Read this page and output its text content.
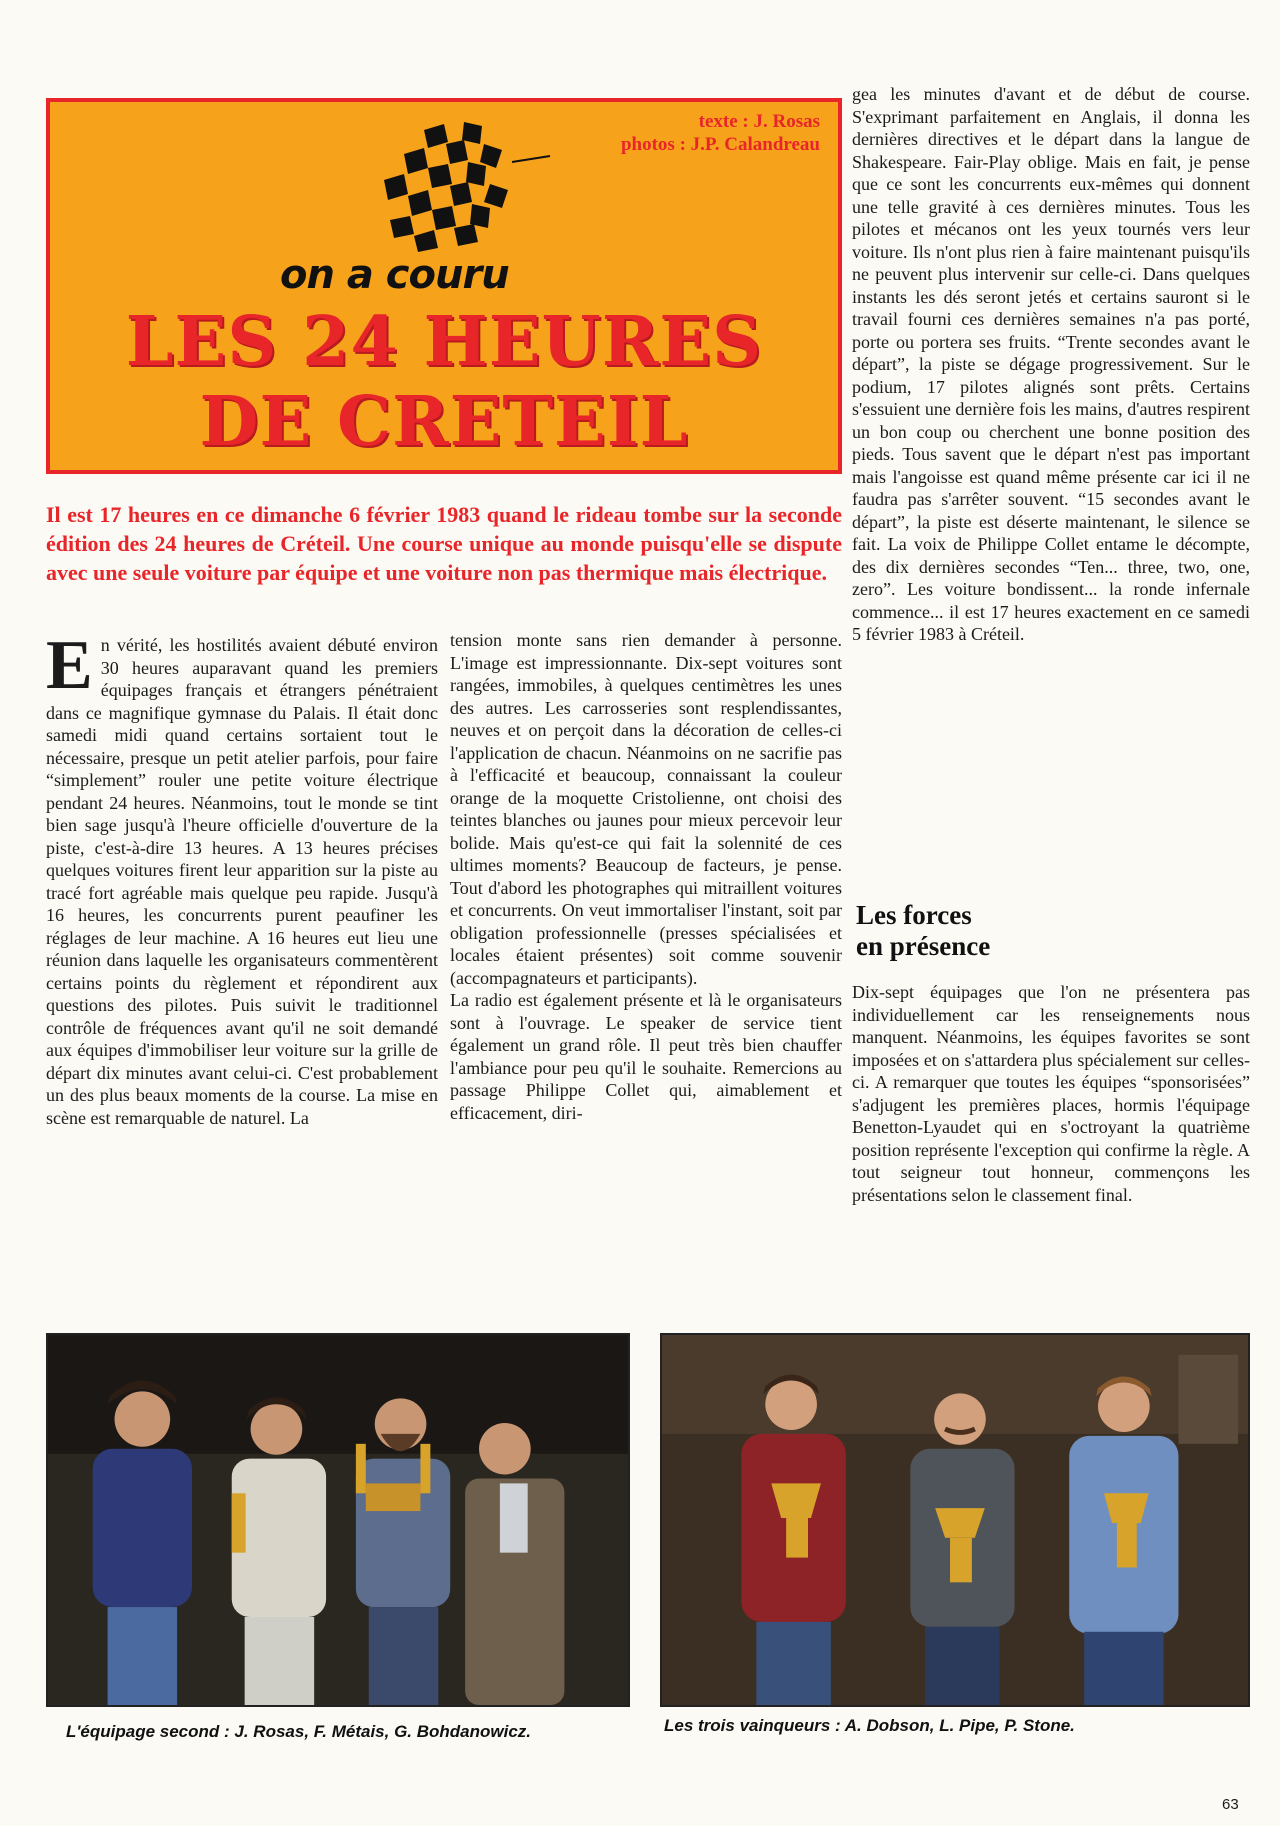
texte : J. Rosas
photos : J.P. Calandreau
on a couru
LES 24 HEURES
DE CRETEIL
Il est 17 heures en ce dimanche 6 février 1983 quand le rideau tombe sur la seconde édition des 24 heures de Créteil. Une course unique au monde puisqu'elle se dispute avec une seule voiture par équipe et une voiture non pas thermique mais électrique.
E n vérité, les hostilités avaient débuté environ 30 heures auparavant quand les premiers équipages français et étrangers pénétraient dans ce magnifique gymnase du Palais. Il était donc samedi midi quand certains sortaient tout le nécessaire, presque un petit atelier parfois, pour faire “simplement” rouler une petite voiture électrique pendant 24 heures. Néanmoins, tout le monde se tint bien sage jusqu'à l'heure officielle d'ouverture de la piste, c'est-à-dire 13 heures. A 13 heures précises quelques voitures firent leur apparition sur la piste au tracé fort agréable mais quelque peu rapide. Jusqu'à 16 heures, les concurrents purent peaufiner les réglages de leur machine. A 16 heures eut lieu une réunion dans laquelle les organisateurs commentèrent certains points du règlement et répondirent aux questions des pilotes. Puis suivit le traditionnel contrôle de fréquences avant qu'il ne soit demandé aux équipes d'immobiliser leur voiture sur la grille de départ dix minutes avant celui-ci. C'est probablement un des plus beaux moments de la course. La mise en scène est remarquable de naturel. La

tension monte sans rien demander à personne. L'image est impressionnante. Dix-sept voitures sont rangées, immobiles, à quelques centimètres les unes des autres. Les carrosseries sont resplendissantes, neuves et on perçoit dans la décoration de celles-ci l'application de chacun. Néanmoins on ne sacrifie pas à l'efficacité et beaucoup, connaissant la couleur orange de la moquette Cristolienne, ont choisi des teintes blanches ou jaunes pour mieux percevoir leur bolide. Mais qu'est-ce qui fait la solennité de ces ultimes moments? Beaucoup de facteurs, je pense. Tout d'abord les photographes qui mitraillent voitures et concurrents. On veut immortaliser l'instant, soit par obligation professionnelle (presses spécialisées et locales étaient présentes) soit comme souvenir (accompagnateurs et participants).

La radio est également présente et là le organisateurs sont à l'ouvrage. Le speaker de service tient également un grand rôle. Il peut très bien chauffer l'ambiance pour peu qu'il le souhaite. Remercions au passage Philippe Collet qui, aimablement et efficacement, diri-

gea les minutes d'avant et de début de course. S'exprimant parfaitement en Anglais, il donna les dernières directives et le départ dans la langue de Shakespeare. Fair-Play oblige. Mais en fait, je pense que ce sont les concurrents eux-mêmes qui donnent une telle gravité à ces dernières minutes. Tous les pilotes et mécanos ont les yeux tournés vers leur voiture. Ils n'ont plus rien à faire maintenant puisqu'ils ne peuvent plus intervenir sur celle-ci. Dans quelques instants les dés seront jetés et certains sauront si le travail fourni ces dernières semaines n'a pas porté, porte ou portera ses fruits. “Trente secondes avant le départ”, la piste se dégage progressivement. Sur le podium, 17 pilotes alignés sont prêts. Certains s'essuient une dernière fois les mains, d'autres respirent un bon coup ou cherchent une bonne position des pieds. Tous savent que le départ n'est pas important mais l'angoisse est quand même présente car ici il ne faudra pas s'arrêter souvent. “15 secondes avant le départ”, la piste est déserte maintenant, le silence se fait. La voix de Philippe Collet entame le décompte, des dix dernières secondes “Ten... three, two, one, zero”. Les voiture bondissent... la ronde infernale commence... il est 17 heures exactement en ce samedi 5 février 1983 à Créteil.

Les forces
en présence

Dix-sept équipages que l'on ne présentera pas individuellement car les renseignements nous manquent. Néanmoins, les équipes favorites se sont imposées et on s'attardera plus spécialement sur celles-ci. A remarquer que toutes les équipes “sponsorisées” s'adjugent les premières places, hormis l'équipage Benetton-Lyaudet qui en s'octroyant la quatrième position représente l'exception qui confirme la règle. A tout seigneur tout honneur, commençons les présentations selon le classement final.

L'équipage second : J. Rosas, F. Métais, G. Bohdanowicz.	Les trois vainqueurs : A. Dobson, L. Pipe, P. Stone.
63
